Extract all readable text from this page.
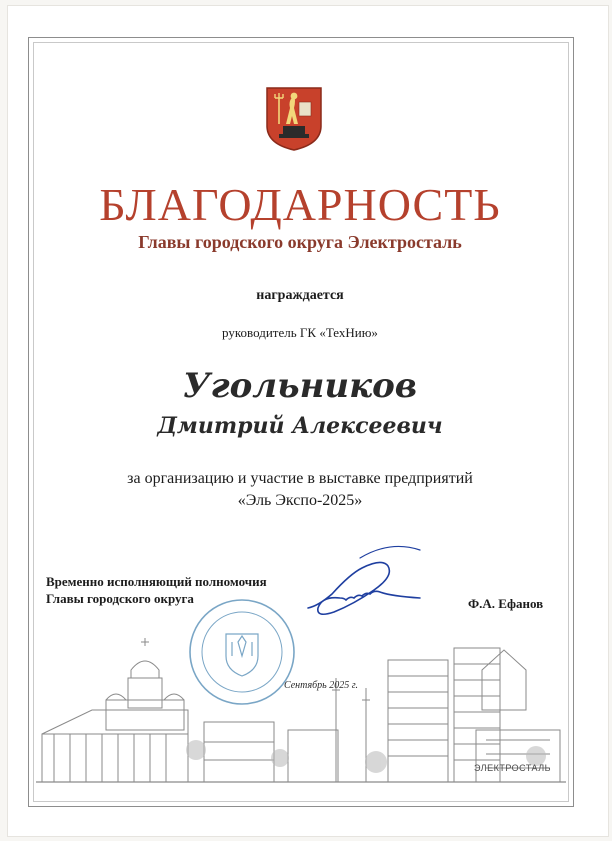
БЛАГОДАРНОСТЬ
Главы городского округа Электросталь
награждается
руководитель ГК «ТехНию»
Угольников
Дмитрий Алексеевич
за организацию и участие в выставке предприятий
«Эль Экспо-2025»
ЭЛЕКТРОСТАЛЬ
Временно исполняющий полномочия
Главы городского округа	Ф.А. Ефанов
Сентябрь 2025 г.
